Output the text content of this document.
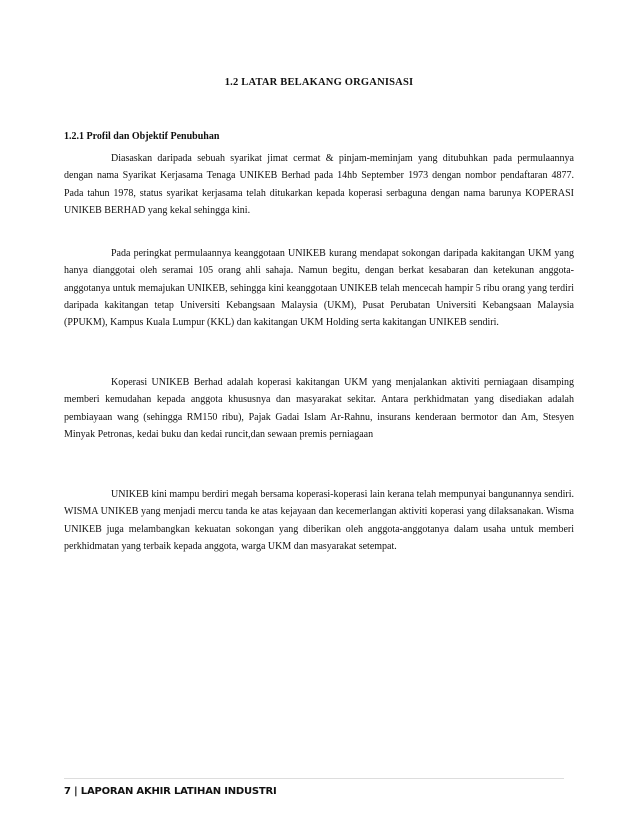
1.2 LATAR BELAKANG ORGANISASI
1.2.1 Profil dan Objektif Penubuhan

Diasaskan daripada sebuah syarikat jimat cermat & pinjam-meminjam yang ditubuhkan pada permulaannya dengan nama Syarikat Kerjasama Tenaga UNIKEB Berhad pada 14hb September 1973 dengan nombor pendaftaran 4877. Pada tahun 1978, status syarikat kerjasama telah ditukarkan kepada koperasi serbaguna dengan nama barunya KOPERASI UNIKEB BERHAD yang kekal sehingga kini.

Pada peringkat permulaannya keanggotaan UNIKEB kurang mendapat sokongan daripada kakitangan UKM yang hanya dianggotai oleh seramai 105 orang ahli sahaja. Namun begitu, dengan berkat kesabaran dan ketekunan anggota-anggotanya untuk memajukan UNIKEB, sehingga kini keanggotaan UNIKEB telah mencecah hampir 5 ribu orang yang terdiri daripada kakitangan tetap Universiti Kebangsaan Malaysia (UKM), Pusat Perubatan Universiti Kebangsaan Malaysia (PPUKM), Kampus Kuala Lumpur (KKL) dan kakitangan UKM Holding serta kakitangan UNIKEB sendiri.

Koperasi UNIKEB Berhad adalah koperasi kakitangan UKM yang menjalankan aktiviti perniagaan disamping memberi kemudahan kepada anggota khususnya dan masyarakat sekitar. Antara perkhidmatan yang disediakan adalah pembiayaan wang (sehingga RM150 ribu), Pajak Gadai Islam Ar-Rahnu, insurans kenderaan bermotor dan Am, Stesyen Minyak Petronas, kedai buku dan kedai runcit,dan sewaan premis perniagaan

UNIKEB kini mampu berdiri megah bersama koperasi-koperasi lain kerana telah mempunyai bangunannya sendiri. WISMA UNIKEB yang menjadi mercu tanda ke atas kejayaan dan kecemerlangan aktiviti koperasi yang dilaksanakan. Wisma UNIKEB juga melambangkan kekuatan sokongan yang diberikan oleh anggota-anggotanya dalam usaha untuk memberi perkhidmatan yang terbaik kepada anggota, warga UKM dan masyarakat setempat.

7 | LAPORAN AKHIR LATIHAN INDUSTRI
